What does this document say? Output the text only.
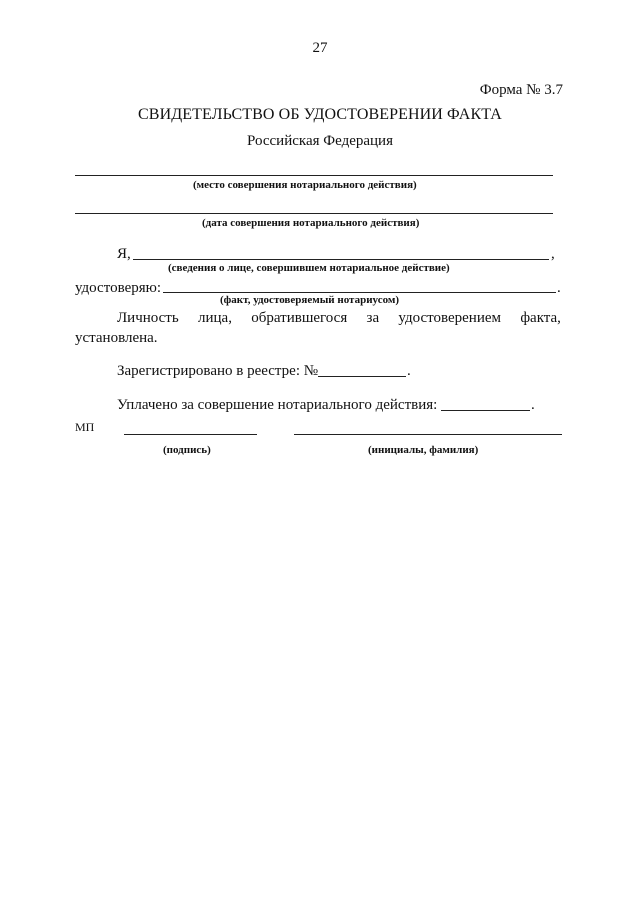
27
Форма № 3.7
СВИДЕТЕЛЬСТВО ОБ УДОСТОВЕРЕНИИ ФАКТА
Российская Федерация
(место совершения нотариального действия)
(дата совершения нотариального действия)
Я,	,
(сведения о лице, совершившем нотариальное действие)
удостоверяю:	.
(факт, удостоверяемый нотариусом)
Личность лица, обратившегося за удостоверением факта,
установлена.
Зарегистрировано в реестре: №	.
Уплачено за совершение нотариального действия:	.
МП
(подпись)	(инициалы, фамилия)
